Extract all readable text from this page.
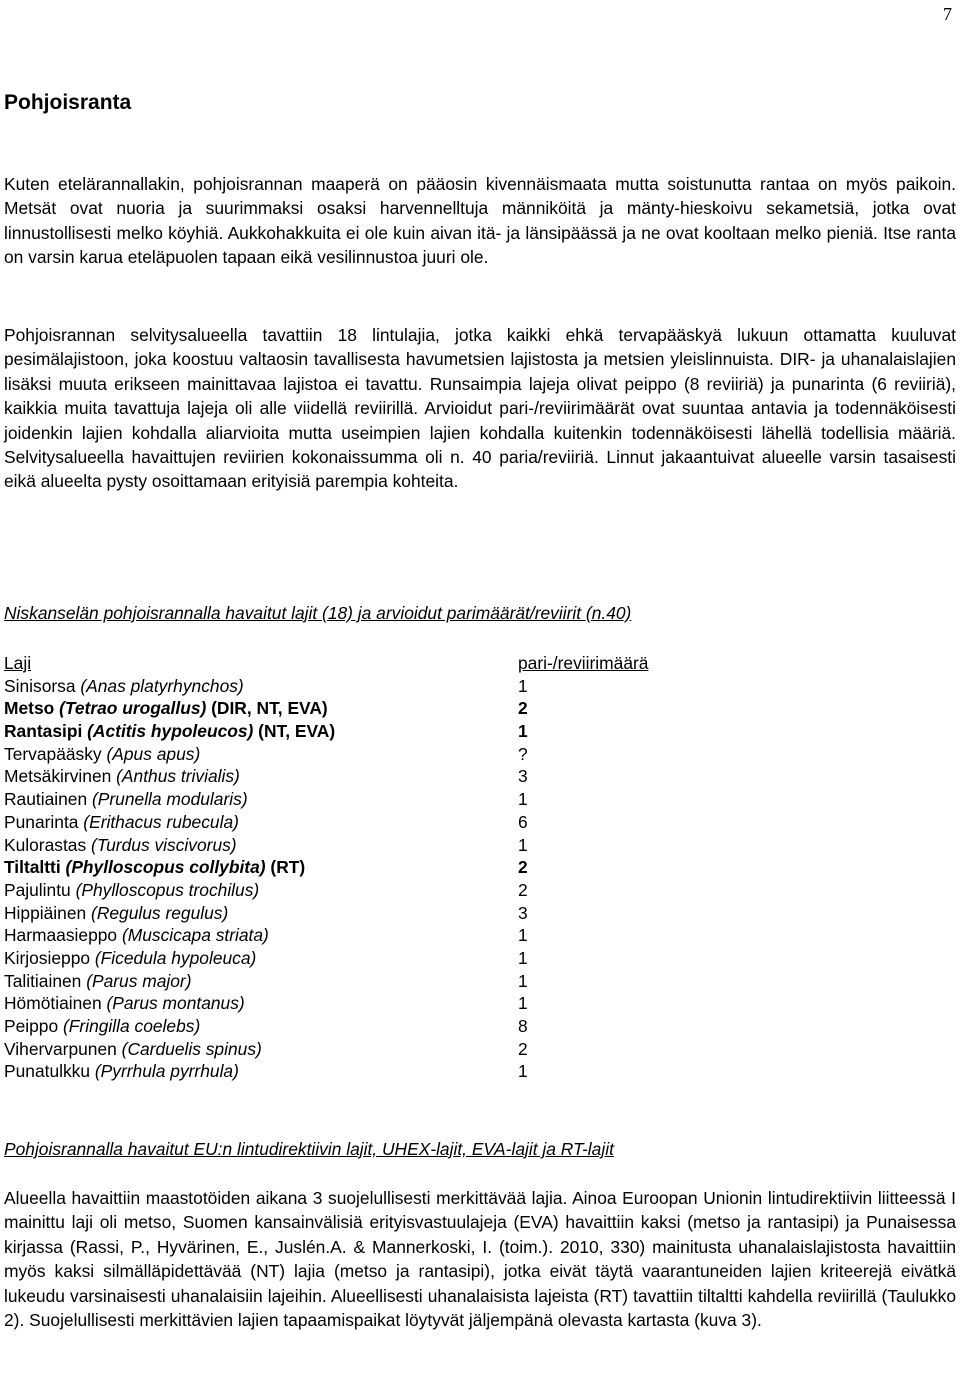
7
Pohjoisranta

Kuten etelärannallakin, pohjoisrannan maaperä on pääosin kivennäismaata mutta soistunutta rantaa on myös paikoin. Metsät ovat nuoria ja suurimmaksi osaksi harvennelltuja männiköitä ja mänty-hieskoivu sekametsiä, jotka ovat linnustollisesti melko köyhiä. Aukkohakkuita ei ole kuin aivan itä- ja länsipäässä ja ne ovat kooltaan melko pieniä. Itse ranta on varsin karua eteläpuolen tapaan eikä vesilinnustoa juuri ole.

Pohjoisrannan selvitysalueella tavattiin 18 lintulajia, jotka kaikki ehkä tervapääskyä lukuun ottamatta kuuluvat pesimälajistoon, joka koostuu valtaosin tavallisesta havumetsien lajistosta ja metsien yleislinnuista. DIR- ja uhanalaislajien lisäksi muuta erikseen mainittavaa lajistoa ei tavattu. Runsaimpia lajeja olivat peippo (8 reviiriä) ja punarinta (6 reviiriä), kaikkia muita tavattuja lajeja oli alle viidellä reviirillä. Arvioidut pari-/reviirimäärät ovat suuntaa antavia ja todennäköisesti joidenkin lajien kohdalla aliarvioita mutta useimpien lajien kohdalla kuitenkin todennäköisesti lähellä todellisia määriä. Selvitysalueella havaittujen reviirien kokonaissumma oli n. 40 paria/reviiriä. Linnut jakaantuivat alueelle varsin tasaisesti eikä alueelta pysty osoittamaan erityisiä parempia kohteita.

Niskanselän pohjoisrannalla havaitut lajit (18) ja arvioidut parimäärät/reviirit (n.40)

Laji	pari-/reviirimäärä
Sinisorsa (Anas platyrhynchos)	1
Metso (Tetrao urogallus) (DIR, NT, EVA)	2
Rantasipi (Actitis hypoleucos) (NT, EVA)	1
Tervapääsky (Apus apus)	?
Metsäkirvinen (Anthus trivialis)	3
Rautiainen (Prunella modularis)	1
Punarinta (Erithacus rubecula)	6
Kulorastas (Turdus viscivorus)	1
Tiltaltti (Phylloscopus collybita) (RT)	2
Pajulintu (Phylloscopus trochilus)	2
Hippiäinen (Regulus regulus)	3
Harmaasieppo (Muscicapa striata)	1
Kirjosieppo (Ficedula hypoleuca)	1
Talitiainen (Parus major)	1
Hömötiainen (Parus montanus)	1
Peippo (Fringilla coelebs)	8
Vihervarpunen (Carduelis spinus)	2
Punatulkku (Pyrrhula pyrrhula)	1

Pohjoisrannalla havaitut EU:n lintudirektiivin lajit, UHEX-lajit, EVA-lajit ja RT-lajit

Alueella havaittiin maastotöiden aikana 3 suojelullisesti merkittävää lajia. Ainoa Euroopan Unionin lintudirektiivin liitteessä I mainittu laji oli metso, Suomen kansainvälisiä erityisvastuulajeja (EVA) havaittiin kaksi (metso ja rantasipi) ja Punaisessa kirjassa (Rassi, P., Hyvärinen, E., Juslén.A. & Mannerkoski, I. (toim.). 2010, 330) mainitusta uhanalaislajistosta havaittiin myös kaksi silmälläpidettävää (NT) lajia (metso ja rantasipi), jotka eivät täytä vaarantuneiden lajien kriteerejä eivätkä lukeudu varsinaisesti uhanalaisiin lajeihin. Alueellisesti uhanalaisista lajeista (RT) tavattiin tiltaltti kahdella reviirillä (Taulukko 2). Suojelullisesti merkittävien lajien tapaamispaikat löytyvät jäljempänä olevasta kartasta (kuva 3).
